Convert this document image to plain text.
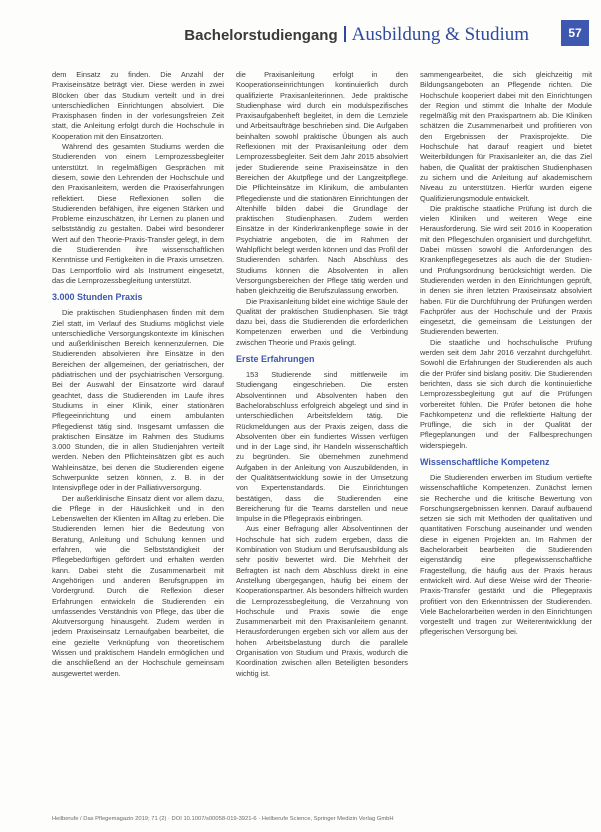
Bachelorstudiengang Ausbildung & Studium	57

dem Einsatz zu finden. Die Anzahl der Praxiseinsätze beträgt vier. Diese werden in zwei Blöcken über das Studium verteilt und in drei unterschiedlichen Einrichtungen absolviert. Die Praxisphasen finden in der vorlesungsfreien Zeit statt, die Anleitung erfolgt durch die Hochschule in Kooperation mit den Einsatzorten.

Während des gesamten Studiums werden die Studierenden von einem Lernprozessbegleiter unterstützt. In regelmäßigen Gesprächen mit diesem, sowie den Lehrenden der Hochschule und den Praxisanleitern, werden die Praxiserfahrungen reflektiert. Diese Reflexionen sollen die Studierenden befähigen, ihre eigenen Stärken und Probleme einzuschätzen, ihr Lernen zu planen und selbstständig zu gestalten. Dabei wird besonderer Wert auf den Theorie-Praxis-Transfer gelegt, in dem die Studierenden ihre wissenschaftlichen Kenntnisse und Fertigkeiten in die Praxis umsetzen. Das Lernportfolio wird als Instrument eingesetzt, das die Lernprozessbegleitung unterstützt.

3.000 Stunden Praxis

Die praktischen Studienphasen finden mit dem Ziel statt, im Verlauf des Studiums möglichst viele unterschiedliche Versorgungskontexte im klinischen und außerklinischen Bereich kennenzulernen. Die Studierenden absolvieren ihre Einsätze in den Bereichen der allgemeinen, der geriatrischen, der pädiatrischen und der psychiatrischen Versorgung. Bei der Auswahl der Einsatzorte wird darauf geachtet, dass die Studierenden im Laufe ihres Studiums in einer Klinik, einer stationären Pflegeeinrichtung und einem ambulanten Pflegedienst tätig sind. Insgesamt umfassen die praktischen Einsätze im Rahmen des Studiums 3.000 Stunden, die in allen Studienjahren verteilt werden. Neben den Pflichteinsätzen gibt es auch Wahleinsätze, bei denen die Studierenden eigene Schwerpunkte setzen können, z. B. in der Intensivpflege oder in der Palliativversorgung.

Der außerklinische Einsatz dient vor allem dazu, die Pflege in der Häuslichkeit und in den Lebenswelten der Klienten im Alltag zu erleben. Die Studierenden lernen hier die Bedeutung von Beratung, Anleitung und Schulung kennen und erfahren, wie die Selbstständigkeit der Pflegebedürftigen gefördert und erhalten werden kann. Dabei steht die Zusammenarbeit mit Angehörigen und anderen Berufsgruppen im Vordergrund. Durch die Reflexion dieser Erfahrungen entwickeln die Studierenden ein umfassendes Verständnis von Pflege, das über die Akutversorgung hinausgeht. Zudem werden in jedem Praxiseinsatz Lernaufgaben bearbeitet, die eine gezielte Verknüpfung von theoretischem Wissen und praktischem Handeln ermöglichen und die anschließend an der Hochschule gemeinsam ausgewertet werden.

die Praxisanleitung erfolgt in den Kooperationseinrichtungen kontinuierlich durch qualifizierte Praxisanleiterinnen. Jede praktische Studienphase wird durch ein modulspezifisches Praxisaufgabenheft begleitet, in dem die Lernziele und Arbeitsaufträge beschrieben sind. Die Aufgaben beinhalten sowohl praktische Übungen als auch Reflexionen mit der Praxisanleitung oder dem Lernprozessbegleiter. Seit dem Jahr 2015 absolviert jeder Studierende seine Praxiseinsätze in den Bereichen der Akutpflege und der Langzeitpflege. Die Pflichteinsätze im Klinikum, die ambulanten Pflegedienste und die stationären Einrichtungen der Altenhilfe bilden dabei die Grundlage der praktischen Studienphasen. Zudem werden Einsätze in der Kinderkrankenpflege sowie in der Psychiatrie angeboten, die im Rahmen der Wahlpflicht belegt werden können und das Profil der Studierenden schärfen. Nach Abschluss des Studiums können die Absolventen in allen Versorgungsbereichen der Pflege tätig werden und haben gleichzeitig die Berufszulassung erworben.

Die Praxisanleitung bildet eine wichtige Säule der Qualität der praktischen Studienphasen. Sie trägt dazu bei, dass die Studierenden die erforderlichen Kompetenzen erwerben und die Verbindung zwischen Theorie und Praxis gelingt.

Erste Erfahrungen

153 Studierende sind mittlerweile im Studiengang eingeschrieben. Die ersten Absolventinnen und Absolventen haben den Bachelorabschluss erfolgreich abgelegt und sind in unterschiedlichen Arbeitsfeldern tätig. Die Rückmeldungen aus der Praxis zeigen, dass die Absolventen über ein fundiertes Wissen verfügen und in der Lage sind, ihr Handeln wissenschaftlich zu begründen. Sie übernehmen zunehmend Aufgaben in der Anleitung von Auszubildenden, in der Qualitätsentwicklung sowie in der Umsetzung von Expertenstandards. Die Einrichtungen bestätigen, dass die Studierenden eine Bereicherung für die Teams darstellen und neue Impulse in die Pflegepraxis einbringen.

Aus einer Befragung aller Absolventinnen der Hochschule hat sich zudem ergeben, dass die Kombination von Studium und Berufsausbildung als sehr positiv bewertet wird. Die Mehrheit der Befragten ist nach dem Abschluss direkt in eine Anstellung übergegangen, häufig bei einem der Kooperationspartner. Als besonders hilfreich wurden die Lernprozessbegleitung, die Verzahnung von Hochschule und Praxis sowie die enge Zusammenarbeit mit den Praxisanleitern genannt. Herausforderungen ergeben sich vor allem aus der hohen Arbeitsbelastung durch die parallele Organisation von Studium und Praxis, wodurch die Koordination zwischen allen Beteiligten besonders wichtig ist.

sammengearbeitet, die sich gleichzeitig mit Bildungsangeboten an Pflegende richten. Die Hochschule kooperiert dabei mit den Einrichtungen der Region und stimmt die Inhalte der Module regelmäßig mit den Praxispartnern ab. Die Kliniken schätzen die Zusammenarbeit und profitieren von den Ergebnissen der Praxisprojekte. Die Hochschule hat darauf reagiert und bietet Weiterbildungen für Praxisanleiter an, die das Ziel haben, die Qualität der praktischen Studienphasen zu sichern und die Anleitung auf akademischem Niveau zu unterstützen. Hierfür wurden eigene Qualifizierungsmodule entwickelt.

Die praktische staatliche Prüfung ist durch die vielen Kliniken und weiteren Wege eine Herausforderung. Sie wird seit 2016 in Kooperation mit den Pflegeschulen organisiert und durchgeführt. Dabei müssen sowohl die Anforderungen des Krankenpflegegesetzes als auch die der Studien- und Prüfungsordnung berücksichtigt werden. Die Studierenden werden in den Einrichtungen geprüft, in denen sie ihren letzten Praxiseinsatz absolviert haben. Für die Durchführung der Prüfungen werden Fachprüfer aus der Hochschule und der Praxis eingesetzt, die gemeinsam die Leistungen der Studierenden bewerten.

Die staatliche und hochschulische Prüfung werden seit dem Jahr 2016 verzahnt durchgeführt. Sowohl die Erfahrungen der Studierenden als auch die der Prüfer sind bislang positiv. Die Studierenden berichten, dass sie sich durch die kontinuierliche Lernprozessbegleitung gut auf die Prüfungen vorbereitet fühlen. Die Prüfer betonen die hohe Fachkompetenz und die reflektierte Haltung der Prüflinge, die sich in der Qualität der Pflegeplanungen und der Fallbesprechungen widerspiegeln.

Wissenschaftliche Kompetenz

Die Studierenden erwerben im Studium vertiefte wissenschaftliche Kompetenzen. Zunächst lernen sie Recherche und die kritische Bewertung von Forschungsergebnissen kennen. Darauf aufbauend setzen sie sich mit Methoden der qualitativen und quantitativen Forschung auseinander und wenden diese in eigenen Projekten an. Im Rahmen der Bachelorarbeit bearbeiten die Studierenden eigenständig eine pflegewissenschaftliche Fragestellung, die häufig aus der Praxis heraus entwickelt wird. Auf diese Weise wird der Theorie-Praxis-Transfer gestärkt und die Pflegepraxis profitiert von den Erkenntnissen der Studierenden. Viele Bachelorarbeiten werden in den Einrichtungen vorgestellt und tragen zur Weiterentwicklung der pflegerischen Versorgung bei.

Heilberufe / Das Pflegemagazin 2019; 71 (2) · DOI 10.1007/s00058-019-3921-6 · Heilberufe Science, Springer Medizin Verlag GmbH
